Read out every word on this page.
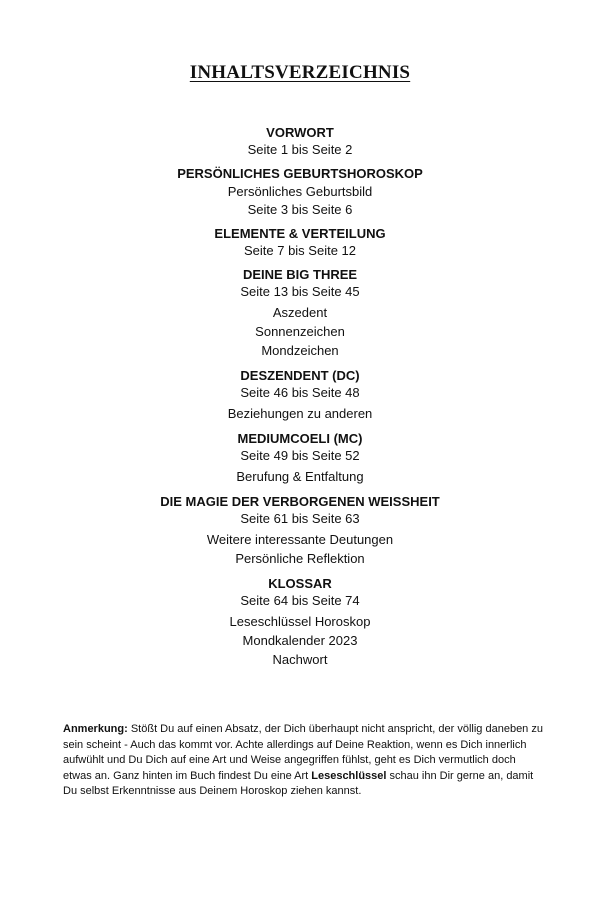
INHALTSVERZEICHNIS
VORWORT
Seite 1 bis Seite 2
PERSÖNLICHES GEBURTSHOROSKOP
Persönliches Geburtsbild
Seite 3 bis Seite 6
ELEMENTE & VERTEILUNG
Seite 7 bis Seite 12
DEINE BIG THREE
Seite 13 bis Seite 45
Aszedent
Sonnenzeichen
Mondzeichen
DESZENDENT (DC)
Seite 46 bis Seite 48
Beziehungen zu anderen
MEDIUMCOELI (MC)
Seite 49 bis Seite 52
Berufung & Entfaltung
DIE MAGIE DER VERBORGENEN WEISSHEIT
Seite 61 bis Seite 63
Weitere interessante Deutungen
Persönliche Reflektion
KLOSSAR
Seite 64 bis Seite 74
Leseschlüssel Horoskop
Mondkalender 2023
Nachwort
Anmerkung: Stößt Du auf einen Absatz, der Dich überhaupt nicht anspricht, der völlig daneben zu sein scheint - Auch das kommt vor. Achte allerdings auf Deine Reaktion, wenn es Dich innerlich aufwühlt und Du Dich auf eine Art und Weise angegriffen fühlst, geht es Dich vermutlich doch etwas an. Ganz hinten im Buch findest Du eine Art Leseschlüssel schau ihn Dir gerne an, damit Du selbst Erkenntnisse aus Deinem Horoskop ziehen kannst.
